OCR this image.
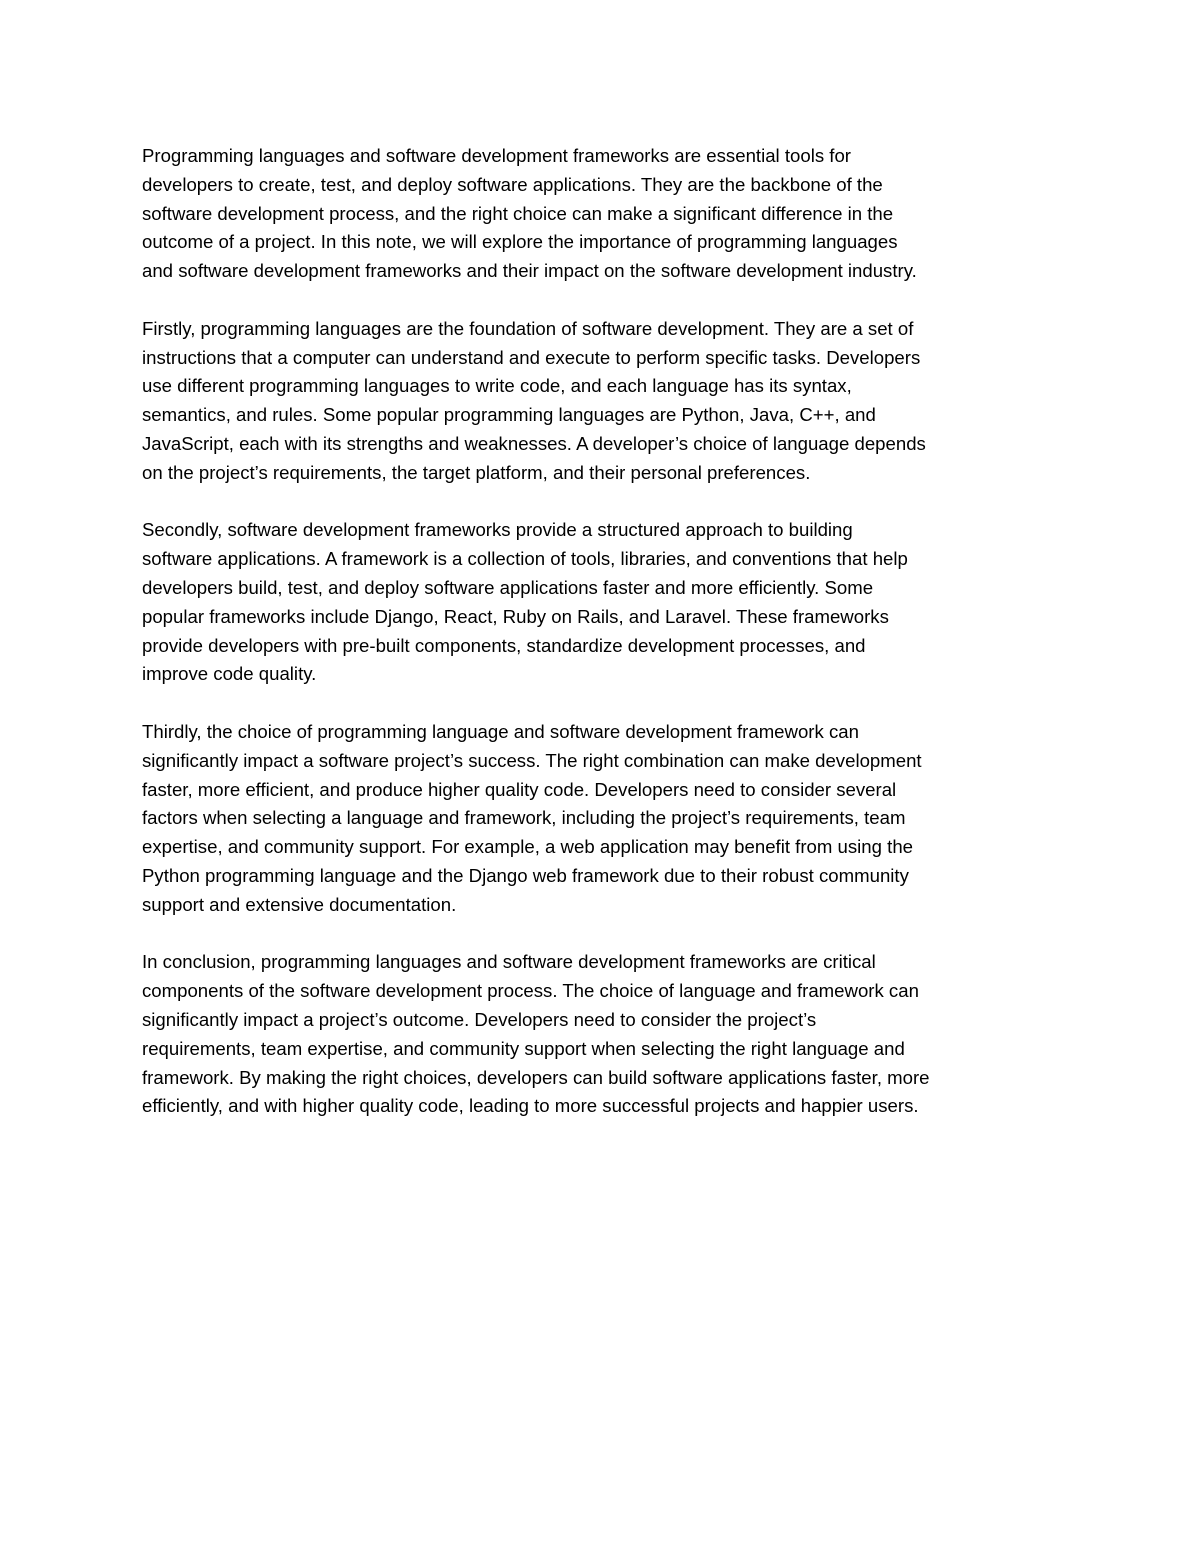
Programming languages and software development frameworks are essential tools for
developers to create, test, and deploy software applications. They are the backbone of the
software development process, and the right choice can make a significant difference in the
outcome of a project. In this note, we will explore the importance of programming languages
and software development frameworks and their impact on the software development industry.
Firstly, programming languages are the foundation of software development. They are a set of
instructions that a computer can understand and execute to perform specific tasks. Developers
use different programming languages to write code, and each language has its syntax,
semantics, and rules. Some popular programming languages are Python, Java, C++, and
JavaScript, each with its strengths and weaknesses. A developer’s choice of language depends
on the project’s requirements, the target platform, and their personal preferences.
Secondly, software development frameworks provide a structured approach to building
software applications. A framework is a collection of tools, libraries, and conventions that help
developers build, test, and deploy software applications faster and more efficiently. Some
popular frameworks include Django, React, Ruby on Rails, and Laravel. These frameworks
provide developers with pre-built components, standardize development processes, and
improve code quality.
Thirdly, the choice of programming language and software development framework can
significantly impact a software project’s success. The right combination can make development
faster, more efficient, and produce higher quality code. Developers need to consider several
factors when selecting a language and framework, including the project’s requirements, team
expertise, and community support. For example, a web application may benefit from using the
Python programming language and the Django web framework due to their robust community
support and extensive documentation.
In conclusion, programming languages and software development frameworks are critical
components of the software development process. The choice of language and framework can
significantly impact a project’s outcome. Developers need to consider the project’s
requirements, team expertise, and community support when selecting the right language and
framework. By making the right choices, developers can build software applications faster, more
efficiently, and with higher quality code, leading to more successful projects and happier users.
